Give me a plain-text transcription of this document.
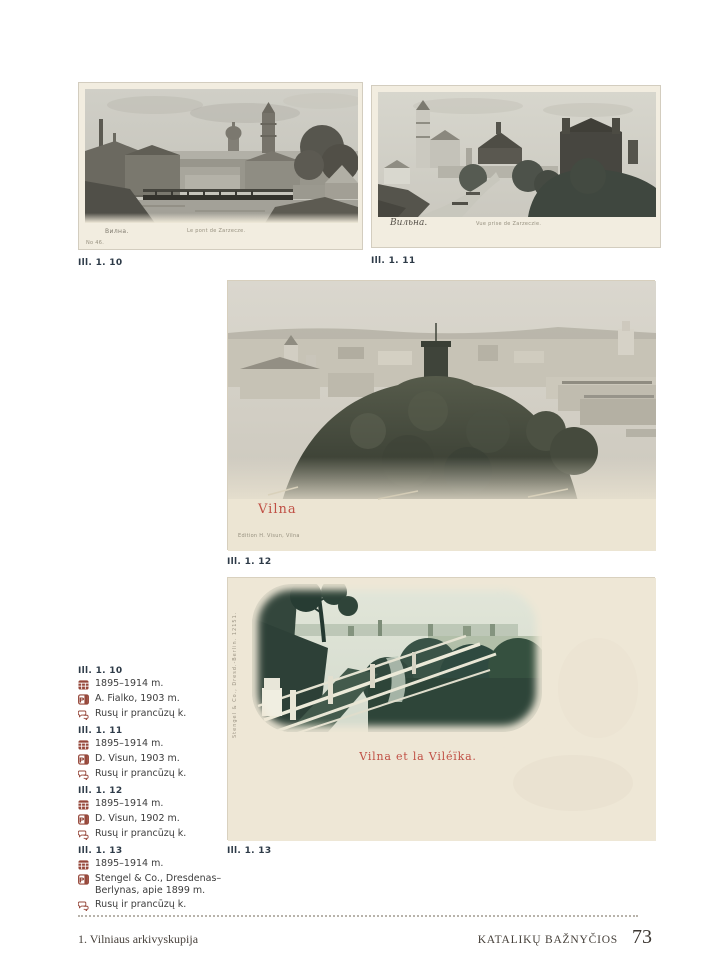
Вилна.	Le pont de Zarzecze.
No 46.
Ill. 1. 10
Вильна.	Vue prise de Zarzeczie.
Ill. 1. 11
Vilna
Edition H. Visun, Vilna
Ill. 1. 12
Vilna et la Viléïka.
Stengel & Co., Dresd.-Berlin. 12151.
Ill. 1. 13
Ill. 1. 10
1895–1914 m.
P A. Fialko, 1903 m.
Rusų ir prancūzų k.
Ill. 1. 11
1895–1914 m.
P D. Visun, 1903 m.
Rusų ir prancūzų k.
Ill. 1. 12
1895–1914 m.
P D. Visun, 1902 m.
Rusų ir prancūzų k.
Ill. 1. 13
1895–1914 m.
P Stengel & Co., Dresdenas–Berlynas, apie 1899 m.
Rusų ir prancūzų k.
1. Vilniaus arkivyskupija	KATALIKŲ BAŽNYČIOS 73
